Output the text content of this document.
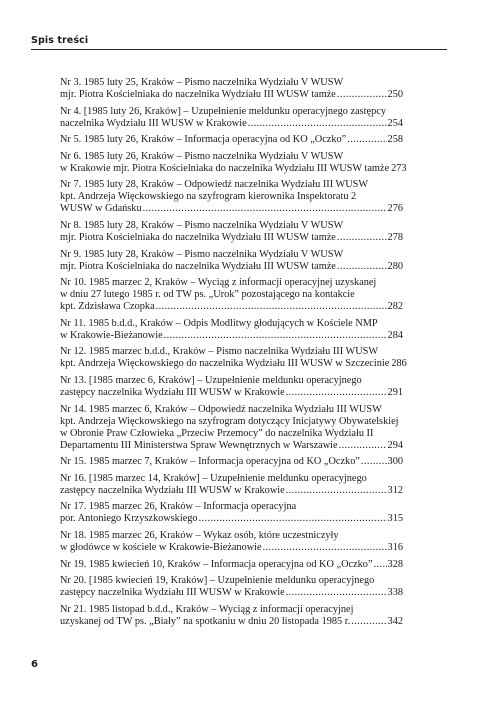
Spis treści
Nr 3. 1985 luty 25, Kraków – Pismo naczelnika Wydziału V WUSW
mjr. Piotra Kościelniaka do naczelnika Wydziału III WUSW tamże .....	250
Nr 4. [1985 luty 26, Kraków] – Uzupełnienie meldunku operacyjnego zastępcy
naczelnika Wydziału III WUSW w Krakowie .....	254
Nr 5. 1985 luty 26, Kraków – Informacja operacyjna od KO „Oczko” .....	258
Nr 6. 1985 luty 26, Kraków – Pismo naczelnika Wydziału V WUSW
w Krakowie mjr. Piotra Kościelniaka do naczelnika Wydziału III WUSW tamże 273
Nr 7. 1985 luty 28, Kraków – Odpowiedź naczelnika Wydziału III WUSW
kpt. Andrzeja Więckowskiego na szyfrogram kierownika Inspektoratu 2
WUSW w Gdańsku .....	276
Nr 8. 1985 luty 28, Kraków – Pismo naczelnika Wydziału V WUSW
mjr. Piotra Kościelniaka do naczelnika Wydziału III WUSW tamże .....	278
Nr 9. 1985 luty 28, Kraków – Pismo naczelnika Wydziału V WUSW
mjr. Piotra Kościelniaka do naczelnika Wydziału III WUSW tamże .....	280
Nr 10. 1985 marzec 2, Kraków – Wyciąg z informacji operacyjnej uzyskanej
w dniu 27 lutego 1985 r. od TW ps. „Urok” pozostającego na kontakcie
kpt. Zdzisława Czopka .....	282
Nr 11. 1985 b.d.d., Kraków – Odpis Modlitwy głodujących w Kościele NMP
w Krakowie-Bieżanowie .....	284
Nr 12. 1985 marzec b.d.d., Kraków – Pismo naczelnika Wydziału III WUSW
kpt. Andrzeja Więckowskiego do naczelnika Wydziału III WUSW w Szczecinie 286
Nr 13. [1985 marzec 6, Kraków] – Uzupełnienie meldunku operacyjnego
zastępcy naczelnika Wydziału III WUSW w Krakowie .....	291
Nr 14. 1985 marzec 6, Kraków – Odpowiedź naczelnika Wydziału III WUSW
kpt. Andrzeja Więckowskiego na szyfrogram dotyczący Inicjatywy Obywatelskiej
w Obronie Praw Człowieka „Przeciw Przemocy” do naczelnika Wydziału II
Departamentu III Ministerstwa Spraw Wewnętrznych w Warszawie .....	294
Nr 15. 1985 marzec 7, Kraków – Informacja operacyjna od KO „Oczko” .....	300
Nr 16. [1985 marzec 14, Kraków] – Uzupełnienie meldunku operacyjnego
zastępcy naczelnika Wydziału III WUSW w Krakowie .....	312
Nr 17. 1985 marzec 26, Kraków – Informacja operacyjna
por. Antoniego Krzyszkowskiego .....	315
Nr 18. 1985 marzec 26, Kraków – Wykaz osób, które uczestniczyły
w głodówce w kościele w Krakowie-Bieżanowie .....	316
Nr 19. 1985 kwiecień 10, Kraków – Informacja operacyjna od KO „Oczko” ..... 328
Nr 20. [1985 kwiecień 19, Kraków] – Uzupełnienie meldunku operacyjnego
zastępcy naczelnika Wydziału III WUSW w Krakowie .....	338
Nr 21. 1985 listopad b.d.d., Kraków – Wyciąg z informacji operacyjnej
uzyskanej od TW ps. „Biały” na spotkaniu w dniu 20 listopada 1985 r. .....	342
6
